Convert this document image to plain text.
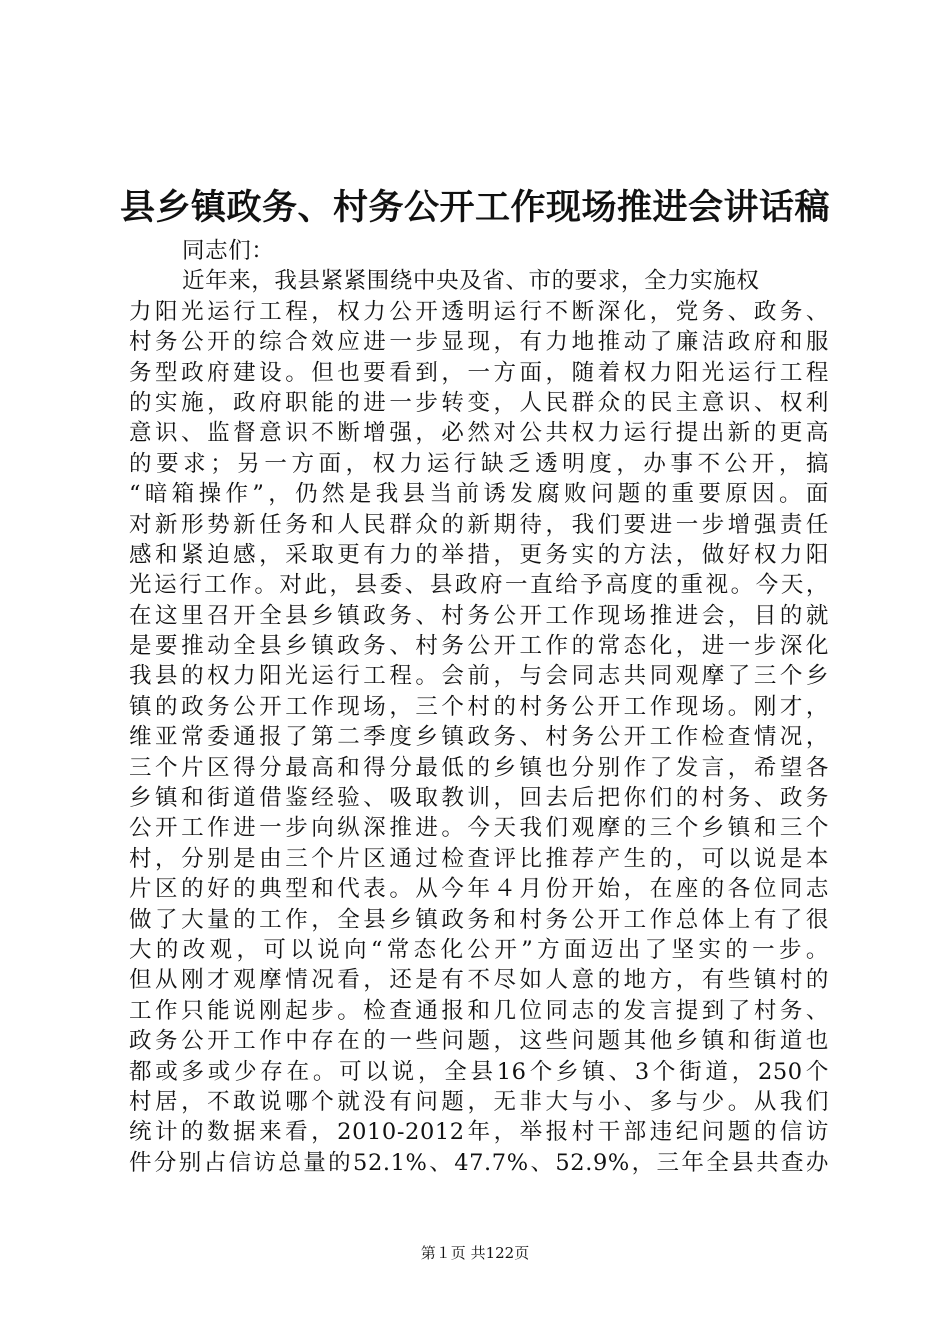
县乡镇政务、村务公开工作现场推进会讲话稿
同志们：
近年来，我县紧紧围绕中央及省、市的要求，全力实施权
力阳光运行工程，权力公开透明运行不断深化，党务、政务、
村务公开的综合效应进一步显现，有力地推动了廉洁政府和服
务型政府建设。但也要看到，一方面，随着权力阳光运行工程
的实施，政府职能的进一步转变，人民群众的民主意识、权利
意识、监督意识不断增强，必然对公共权力运行提出新的更高
的要求；另一方面，权力运行缺乏透明度，办事不公开，搞
“暗箱操作”，仍然是我县当前诱发腐败问题的重要原因。面
对新形势新任务和人民群众的新期待，我们要进一步增强责任
感和紧迫感，采取更有力的举措，更务实的方法，做好权力阳
光运行工作。对此，县委、县政府一直给予高度的重视。今天，
在这里召开全县乡镇政务、村务公开工作现场推进会，目的就
是要推动全县乡镇政务、村务公开工作的常态化，进一步深化
我县的权力阳光运行工程。会前，与会同志共同观摩了三个乡
镇的政务公开工作现场，三个村的村务公开工作现场。刚才，
维亚常委通报了第二季度乡镇政务、村务公开工作检查情况，
三个片区得分最高和得分最低的乡镇也分别作了发言，希望各
乡镇和街道借鉴经验、吸取教训，回去后把你们的村务、政务
公开工作进一步向纵深推进。今天我们观摩的三个乡镇和三个
村，分别是由三个片区通过检查评比推荐产生的，可以说是本
片区的好的典型和代表。从今年４月份开始，在座的各位同志
做了大量的工作，全县乡镇政务和村务公开工作总体上有了很
大的改观，可以说向“常态化公开”方面迈出了坚实的一步。
但从刚才观摩情况看，还是有不尽如人意的地方，有些镇村的
工作只能说刚起步。检查通报和几位同志的发言提到了村务、
政务公开工作中存在的一些问题，这些问题其他乡镇和街道也
都或多或少存在。可以说，全县16个乡镇、3个街道，250个
村居，不敢说哪个就没有问题，无非大与小、多与少。从我们
统计的数据来看，2010-2012年，举报村干部违纪问题的信访
件分别占信访总量的52.1%、47.7%、52.9%，三年全县共查办
第１页 共122页
